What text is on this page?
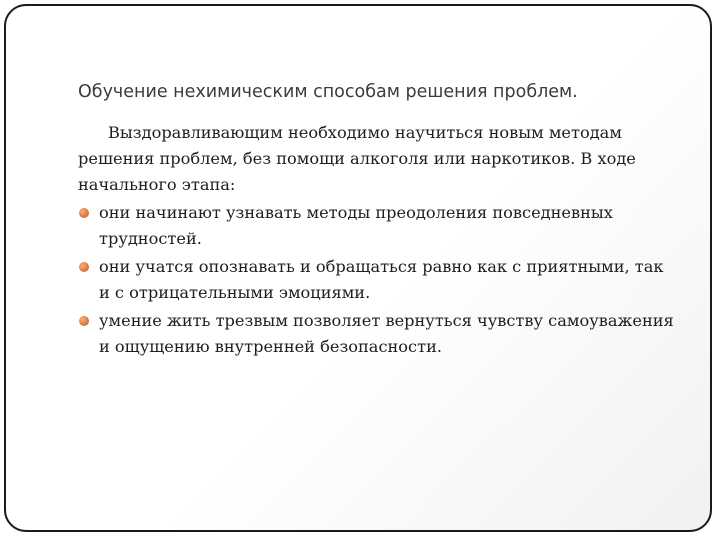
Обучение нехимическим способам решения проблем.

Выздоравливающим необходимо научиться новым методам решения проблем, без помощи алкоголя или наркотиков. В ходе начального этапа:

они начинают узнавать методы преодоления повседневных трудностей.
они учатся опознавать и обращаться равно как с приятными, так и с отрицательными эмоциями.
умение жить трезвым позволяет вернуться чувству самоуважения и ощущению внутренней безопасности.
